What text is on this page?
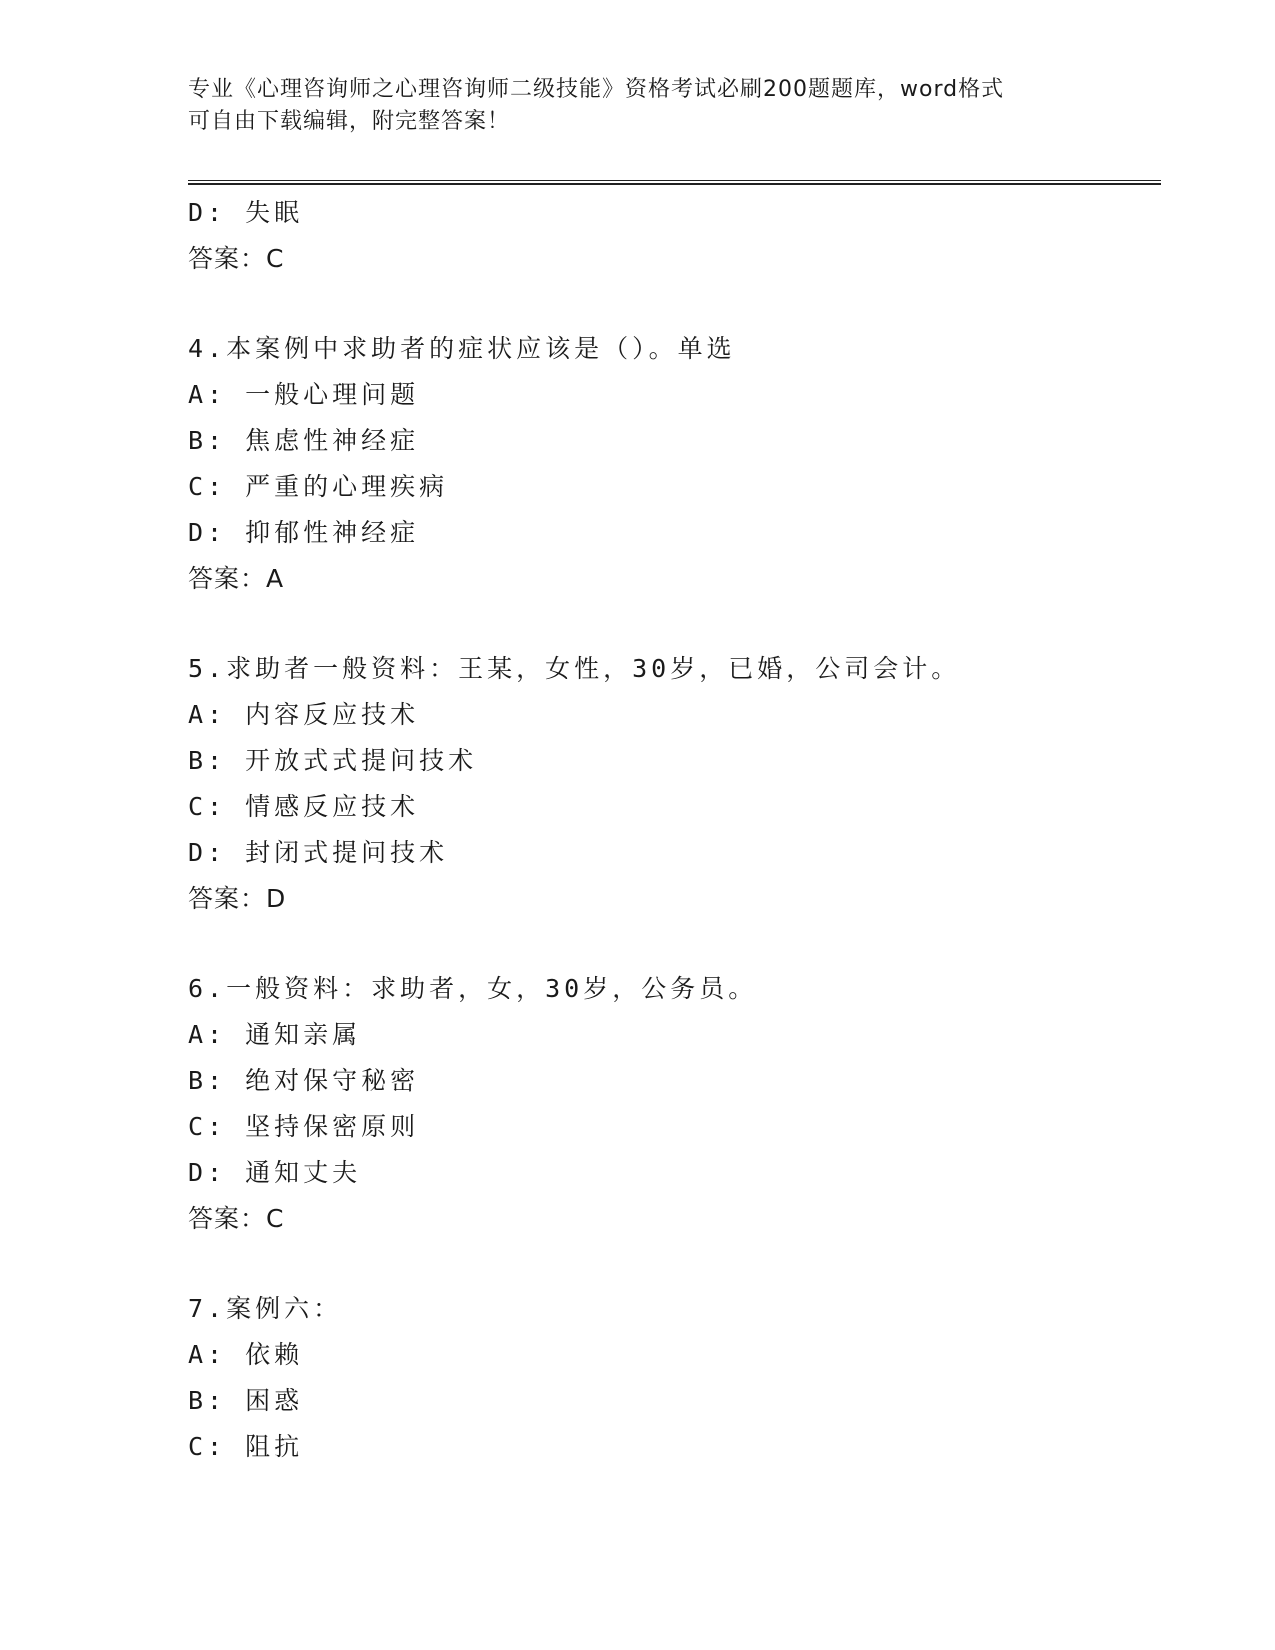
专业《心理咨询师之心理咨询师二级技能》资格考试必刷200题题库，word格式
可自由下载编辑，附完整答案！
D: 失眠
答案：C
4.本案例中求助者的症状应该是（）。单选
A: 一般心理问题
B: 焦虑性神经症
C: 严重的心理疾病
D: 抑郁性神经症
答案：A
5.求助者一般资料：王某，女性，30岁，已婚，公司会计。
A: 内容反应技术
B: 开放式式提问技术
C: 情感反应技术
D: 封闭式提问技术
答案：D
6.一般资料：求助者，女，30岁，公务员。
A: 通知亲属
B: 绝对保守秘密
C: 坚持保密原则
D: 通知丈夫
答案：C
7.案例六：
A: 依赖
B: 困惑
C: 阻抗
